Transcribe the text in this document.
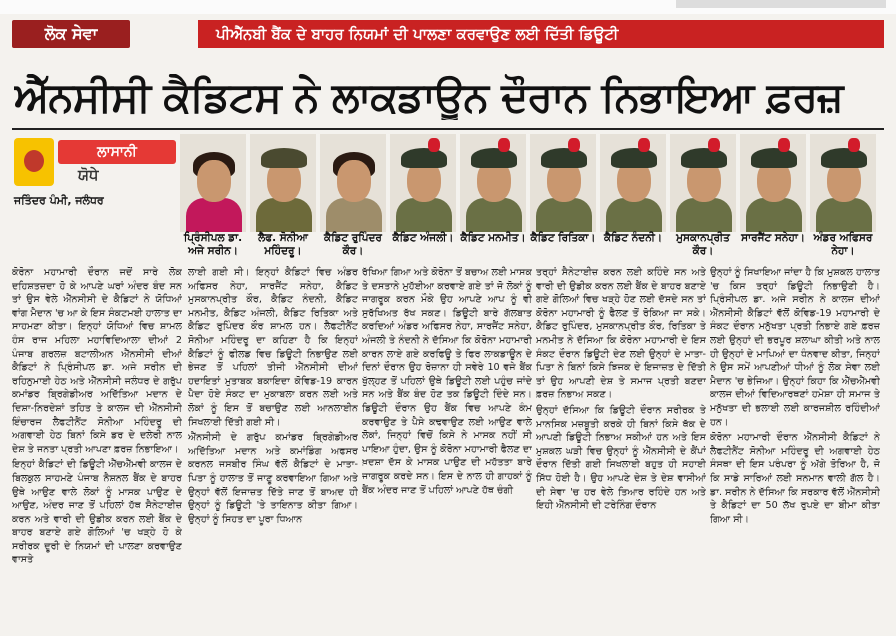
ਲੋਕ ਸੇਵਾ	ਪੀਐੱਨਬੀ ਬੈਂਕ ਦੇ ਬਾਹਰ ਨਿਯਮਾਂ ਦੀ ਪਾਲਣਾ ਕਰਵਾਉਣ ਲਈ ਦਿੱਤੀ ਡਿਊਟੀ
ਐੱਨਸੀਸੀ ਕੈਡਿਟਸ ਨੇ ਲਾਕਡਾਊਨ ਦੌਰਾਨ ਨਿਭਾਇਆ ਫ਼ਰਜ਼
ਲਾਸਾਨੀ
ਯੋਧੇ
ਜਤਿੰਦਰ ਪੰਮੀ, ਜਲੰਧਰ
ਪ੍ਰਿੰਸੀਪਲ ਡਾ. ਅਜੇ ਸਰੀਨ।
ਲੈਫ. ਸੋਨੀਆ ਮਹਿੰਦਰੂ।
ਕੈਡਿਟ ਰੁਪਿੰਦਰ ਕੌਰ।
ਕੈਡਿਟ ਅੰਜਲੀ। ਕੈਡਿਟ ਮਨਮੀਤ। ਕੈਡਿਟ ਰਿਤਿਕਾ। ਕੈਡਿਟ ਨੰਦਨੀ।	ਮੁਸਕਾਨਪ੍ਰੀਤ ਕੌਰ।
ਸਾਰਜੈਂਟ ਸਨੇਹਾ। ਅੰਡਰ ਅਫਿਸਰ ਨੇਹਾ।

ਕੋਰੋਨਾ ਮਹਾਮਾਰੀ ਦੌਰਾਨ ਜਦੋਂ ਸਾਰੇ ਲੋਕ ਦਹਿਸ਼ਤਜ਼ਦਾ ਹੋ ਕੇ ਆਪਣੇ ਘਰਾਂ ਅੰਦਰ ਬੰਦ ਸਨ ਤਾਂ ਉਸ ਵੇਲੇ ਐੱਨਸੀਸੀ ਦੇ ਕੈਡਿਟਾਂ ਨੇ ਯੋਧਿਆਂ ਵਾਂਗ ਮੈਦਾਨ 'ਚ ਆ ਕੇ ਇਸ ਸੰਕਟਮਈ ਹਾਲਾਤ ਦਾ ਸਾਹਮਣਾ ਕੀਤਾ। ਇਨ੍ਹਾਂ ਯੋਧਿਆਂ ਵਿਚ ਸ਼ਾਮਲ ਹੰਸ ਰਾਜ ਮਹਿਲਾ ਮਹਾਵਿਦਿਆਲਾ ਦੀਆਂ 2 ਪੰਜਾਬ ਗਰਲਜ਼ ਬਟਾਲੀਅਨ ਐੱਨਸੀਸੀ ਦੀਆਂ ਕੈਡਿਟਾਂ ਨੇ ਪ੍ਰਿੰਸੀਪਲ ਡਾ. ਅਜੇ ਸਰੀਨ ਦੀ ਰਹਿਨੁਮਾਈ ਹੇਠ ਅਤੇ ਐੱਨਸੀਸੀ ਜਲੰਧਰ ਦੇ ਗਰੁੱਪ ਕਮਾਂਡਰ ਬ੍ਰਿਗੇਡੀਅਰ ਅਦਿੱਤਿਆ ਮਦਾਨ ਦੇ ਦਿਸ਼ਾ-ਨਿਰਦੇਸ਼ਾਂ ਤਹਿਤ ਤੇ ਕਾਲਜ ਦੀ ਐੱਨਸੀਸੀ ਇੰਚਾਰਜ ਲੈਫਟੀਨੈਂਟ ਸੋਨੀਆ ਮਹਿੰਦਰੂ ਦੀ ਅਗਵਾਈ ਹੇਠ ਬਿਨਾਂ ਕਿਸੇ ਡਰ ਦੇ ਦਲੇਰੀ ਨਾਲ ਦੇਸ਼ ਤੇ ਜਨਤਾ ਪ੍ਰਤੀ ਆਪਣਾ ਫ਼ਰਜ਼ ਨਿਭਾਇਆ।

ਇਨ੍ਹਾਂ ਕੈਡਿਟਾਂ ਦੀ ਡਿਊਟੀ ਐੱਚਐੱਮਵੀ ਕਾਲਜ ਦੇ ਬਿਲਕੁਲ ਸਾਹਮਣੇ ਪੰਜਾਬ ਨੈਸ਼ਨਲ ਬੈਂਕ ਦੇ ਬਾਹਰ ਉਥੇ ਆਉਣ ਵਾਲੇ ਲੋਕਾਂ ਨੂੰ ਮਾਸਕ ਪਾਉਣ ਦੇ ਆਉਣ, ਅੰਦਰ ਜਾਣ ਤੋਂ ਪਹਿਲਾਂ ਹੱਥ ਸੈਨੇਟਾਈਜ਼ ਕਰਨ ਅਤੇ ਵਾਰੀ ਦੀ ਉਡੀਕ ਕਰਨ ਲਈ ਬੈਂਕ ਦੇ ਬਾਹਰ ਬਣਾਏ ਗਏ ਗੋਲਿਆਂ 'ਚ ਖੜ੍ਹੇ ਹੋ ਕੇ ਸਰੀਰਕ ਦੂਰੀ ਦੇ ਨਿਯਮਾਂ ਦੀ ਪਾਲਣਾ ਕਰਵਾਉਣ ਵਾਸਤੇ

ਲਾਈ ਗਈ ਸੀ। ਇਨ੍ਹਾਂ ਕੈਡਿਟਾਂ ਵਿਚ ਅੰਡਰ ਅਫਿਸਰ ਨੇਹਾ, ਸਾਰਜੈਂਟ ਸਨੇਹਾ, ਕੈਡਿਟ ਮੁਸਕਾਨਪ੍ਰੀਤ ਕੌਰ, ਕੈਡਿਟ ਨੰਦਨੀ, ਕੈਡਿਟ ਮਨਮੀਤ, ਕੈਡਿਟ ਅੰਜਲੀ, ਕੈਡਿਟ ਰਿਤਿਕਾ ਅਤੇ ਕੈਡਿਟ ਰੁਪਿੰਦਰ ਕੌਰ ਸ਼ਾਮਲ ਹਨ। ਲੈਫਟੀਨੈਂਟ ਸੋਨੀਆ ਮਹਿੰਦਰੂ ਦਾ ਕਹਿਣਾ ਹੈ ਕਿ ਇਨ੍ਹਾਂ ਕੈਡਿਟਾਂ ਨੂੰ ਫੀਲਡ ਵਿਚ ਡਿਊਟੀ ਨਿਭਾਉਣ ਲਈ ਭੇਜਣ ਤੋਂ ਪਹਿਲਾਂ ਤੀਜੀ ਐੱਨਸੀਸੀ ਦੀਆਂ ਹਦਾਇਤਾਂ ਮੁਤਾਬਕ ਬਕਾਇਦਾ ਕੋਵਿਡ-19 ਕਾਰਨ ਪੈਦਾ ਹੋਏ ਸੰਕਟ ਦਾ ਮੁਕਾਬਲਾ ਕਰਨ ਲਈ ਅਤੇ ਲੋਕਾਂ ਨੂੰ ਇਸ ਤੋਂ ਬਚਾਉਣ ਲਈ ਆਨਲਾਈਨ ਸਿਖਲਾਈ ਦਿੱਤੀ ਗਈ ਸੀ।

ਐੱਨਸੀਸੀ ਦੇ ਗਰੁੱਪ ਕਮਾਂਡਰ ਬ੍ਰਿਗੇਡੀਅਰ ਅਦਿੱਤਿਆ ਮਦਾਨ ਅਤੇ ਕਮਾਂਡਿੰਗ ਅਫਸਰ ਕਰਨਲ ਜਸਬੀਰ ਸਿੰਘ ਵੱਲੋਂ ਕੈਡਿਟਾਂ ਦੇ ਮਾਤਾ-ਪਿਤਾ ਨੂੰ ਹਾਲਾਤ ਤੋਂ ਜਾਣੂ ਕਰਵਾਇਆ ਗਿਆ ਅਤੇ ਉਨ੍ਹਾਂ ਵੱਲੋਂ ਇਜਾਜ਼ਤ ਦਿੱਤੇ ਜਾਣ ਤੋਂ ਬਾਅਦ ਹੀ ਉਨ੍ਹਾਂ ਨੂੰ ਡਿਊਟੀ 'ਤੇ ਤਾਇਨਾਤ ਕੀਤਾ ਗਿਆ। ਉਨ੍ਹਾਂ ਨੂੰ ਸਿਹਤ ਦਾ ਪੂਰਾ ਧਿਆਨ

ਰੱਖਿਆ ਗਿਆ ਅਤੇ ਕੋਰੋਨਾ ਤੋਂ ਬਚਾਅ ਲਈ ਮਾਸਕ ਤੇ ਦਸਤਾਨੇ ਮੁਹੱਈਆ ਕਰਵਾਏ ਗਏ ਤਾਂ ਜੋ ਲੋਕਾਂ ਨੂੰ ਜਾਗਰੂਕ ਕਰਨ ਮੌਕੇ ਉਹ ਆਪਣੇ ਆਪ ਨੂੰ ਵੀ ਸੁਰੱਖਿਅਤ ਰੱਖ ਸਕਣ। ਡਿਊਟੀ ਬਾਰੇ ਗੱਲਬਾਤ ਕਰਦਿਆਂ ਅੰਡਰ ਅਫਿਸਰ ਨੇਹਾ, ਸਾਰਜੈਂਟ ਸਨੇਹਾ, ਅੰਜਲੀ ਤੇ ਨੰਦਨੀ ਨੇ ਦੱਸਿਆ ਕਿ ਕੋਰੋਨਾ ਮਹਾਮਾਰੀ ਕਾਰਨ ਲਾਏ ਗਏ ਕਰਫਿਊ ਤੇ ਫਿਰ ਲਾਕਡਾਊਨ ਦੇ ਦਿਨਾਂ ਦੌਰਾਨ ਉਹ ਰੋਜ਼ਾਨਾ ਹੀ ਸਵੇਰੇ 10 ਵਜੇ ਬੈਂਕ ਖੁੱਲ੍ਹਣ ਤੋਂ ਪਹਿਲਾਂ ਉਥੇ ਡਿਊਟੀ ਲਈ ਪਹੁੰਚ ਜਾਂਦੇ ਸਨ ਅਤੇ ਬੈਂਕ ਬੰਦ ਹੋਣ ਤਕ ਡਿਊਟੀ ਦਿੰਦੇ ਸਨ। ਡਿਊਟੀ ਦੌਰਾਨ ਉਹ ਬੈਂਕ ਵਿਚ ਆਪਣੇ ਕੰਮ ਕਰਵਾਉਣ ਤੇ ਪੈਸੇ ਕਢਵਾਉਣ ਲਈ ਆਉਣ ਵਾਲੇ ਲੋਕਾਂ, ਜਿਨ੍ਹਾਂ ਵਿਚੋਂ ਕਿਸੇ ਨੇ ਮਾਸਕ ਨਹੀਂ ਸੀ ਪਾਇਆ ਹੁੰਦਾ, ਉਸ ਨੂੰ ਕੋਰੋਨਾ ਮਹਾਮਾਰੀ ਫੈਲਣ ਦਾ ਖ਼ਦਸ਼ਾ ਦੱਸ ਕੇ ਮਾਸਕ ਪਾਉਣ ਦੀ ਮਹੱਤਤਾ ਬਾਰੇ ਜਾਗਰੂਕ ਕਰਦੇ ਸਨ। ਇਸ ਦੇ ਨਾਲ ਹੀ ਗਾਹਕਾਂ ਨੂੰ ਬੈਂਕ ਅੰਦਰ ਜਾਣ ਤੋਂ ਪਹਿਲਾਂ ਆਪਣੇ ਹੱਥ ਚੰਗੀ

ਤਰ੍ਹਾਂ ਸੈਨੇਟਾਈਜ਼ ਕਰਨ ਲਈ ਕਹਿੰਦੇ ਸਨ ਅਤੇ ਵਾਰੀ ਦੀ ਉਡੀਕ ਕਰਨ ਲਈ ਬੈਂਕ ਦੇ ਬਾਹਰ ਬਣਾਏ ਗਏ ਗੋਲਿਆਂ ਵਿਚ ਖੜ੍ਹੇ ਹੋਣ ਲਈ ਦੱਸਦੇ ਸਨ ਤਾਂ ਕੋਰੋਨਾ ਮਹਾਮਾਰੀ ਨੂੰ ਫੈਲਣ ਤੋਂ ਰੋਕਿਆ ਜਾ ਸਕੇ। ਕੈਡਿਟ ਰੁਪਿੰਦਰ, ਮੁਸਕਾਨਪ੍ਰੀਤ ਕੌਰ, ਰਿਤਿਕਾ ਤੇ ਮਨਮੀਤ ਨੇ ਦੱਸਿਆ ਕਿ ਕੋਰੋਨਾ ਮਹਾਮਾਰੀ ਦੇ ਇਸ ਸੰਕਟ ਦੌਰਾਨ ਡਿਊਟੀ ਦੇਣ ਲਈ ਉਨ੍ਹਾਂ ਦੇ ਮਾਤਾ-ਪਿਤਾ ਨੇ ਬਿਨਾਂ ਕਿਸੇ ਝਿਜਕ ਦੇ ਇਜਾਜ਼ਤ ਦੇ ਦਿੱਤੀ ਤਾਂ ਉਹ ਆਪਣੀ ਦੇਸ਼ ਤੇ ਸਮਾਜ ਪ੍ਰਤੀ ਬਣਦਾ ਫ਼ਰਜ਼ ਨਿਭਾਅ ਸਕਣ।

ਉਨ੍ਹਾਂ ਦੱਸਿਆ ਕਿ ਡਿਊਟੀ ਦੌਰਾਨ ਸਰੀਰਕ ਤੇ ਮਾਨਸਿਕ ਮਜ਼ਬੂਤੀ ਕਰਕੇ ਹੀ ਬਿਨਾਂ ਕਿਸੇ ਥੱਕ ਦੇ ਆਪਣੀ ਡਿਊਟੀ ਨਿਭਾਅ ਸਕੀਆਂ ਹਨ ਅਤੇ ਇਸ ਮੁਸ਼ਕਲ ਘੜੀ ਵਿਚ ਉਨ੍ਹਾਂ ਨੂੰ ਐੱਨਸੀਸੀ ਦੇ ਕੈਂਪਾਂ ਦੌਰਾਨ ਦਿੱਤੀ ਗਈ ਸਿਖਲਾਈ ਬਹੁਤ ਹੀ ਸਹਾਈ ਸਿੱਧ ਹੋਈ ਹੈ। ਉਹ ਆਪਣੇ ਦੇਸ਼ ਤੇ ਦੇਸ਼ ਵਾਸੀਆਂ ਦੀ ਸੇਵਾ 'ਚ ਹਰ ਵੇਲੇ ਤਿਆਰ ਰਹਿੰਦੇ ਹਨ ਅਤੇ ਇਹੀ ਐੱਨਸੀਸੀ ਦੀ ਟਰੇਨਿੰਗ ਦੌਰਾਨ

ਉਨ੍ਹਾਂ ਨੂੰ ਸਿਖਾਇਆ ਜਾਂਦਾ ਹੈ ਕਿ ਮੁਸ਼ਕਲ ਹਾਲਾਤ 'ਚ ਕਿਸ ਤਰ੍ਹਾਂ ਡਿਊਟੀ ਨਿਭਾਉਣੀ ਹੈ। ਪ੍ਰਿੰਸੀਪਲ ਡਾ. ਅਜੇ ਸਰੀਨ ਨੇ ਕਾਲਜ ਦੀਆਂ ਐੱਨਸੀਸੀ ਕੈਡਿਟਾਂ ਵੱਲੋਂ ਕੋਵਿਡ-19 ਮਹਾਮਾਰੀ ਦੇ ਸੰਕਟ ਦੌਰਾਨ ਮਨੁੱਖਤਾ ਪ੍ਰਤੀ ਨਿਭਾਏ ਗਏ ਫ਼ਰਜ਼ ਲਈ ਉਨ੍ਹਾਂ ਦੀ ਭਰਪੂਰ ਸ਼ਲਾਘਾ ਕੀਤੀ ਅਤੇ ਨਾਲ ਹੀ ਉਨ੍ਹਾਂ ਦੇ ਮਾਪਿਆਂ ਦਾ ਧੰਨਵਾਦ ਕੀਤਾ, ਜਿਨ੍ਹਾਂ ਨੇ ਉਸ ਸਮੇਂ ਆਪਣੀਆਂ ਧੀਆਂ ਨੂੰ ਲੋਕ ਸੇਵਾ ਲਈ ਮੈਦਾਨ 'ਚ ਭੇਜਿਆ। ਉਨ੍ਹਾਂ ਕਿਹਾ ਕਿ ਐੱਚਐੱਮਵੀ ਕਾਲਜ ਦੀਆਂ ਵਿਦਿਆਰਥਣਾਂ ਹਮੇਸ਼ਾ ਹੀ ਸਮਾਜ ਤੇ ਮਨੁੱਖਤਾ ਦੀ ਭਲਾਈ ਲਈ ਕਾਰਜਸ਼ੀਲ ਰਹਿੰਦੀਆਂ ਹਨ।

ਕੋਰੋਨਾ ਮਹਾਮਾਰੀ ਦੌਰਾਨ ਐੱਨਸੀਸੀ ਕੈਡਿਟਾਂ ਨੇ ਲੈਫਟੀਨੈਂਟ ਸੋਨੀਆ ਮਹਿੰਦਰੂ ਦੀ ਅਗਵਾਈ ਹੇਠ ਸੰਸਥਾ ਦੀ ਇਸ ਪਰੰਪਰਾ ਨੂੰ ਅੱਗੇ ਤੋਰਿਆ ਹੈ, ਜੋ ਕਿ ਸਾਡੇ ਸਾਰਿਆਂ ਲਈ ਸਨਮਾਨ ਵਾਲੀ ਗੱਲ ਹੈ। ਡਾ. ਸਰੀਨ ਨੇ ਦੱਸਿਆ ਕਿ ਸਰਕਾਰ ਵੱਲੋਂ ਐੱਨਸੀਸੀ ਤੇ ਕੈਡਿਟਾਂ ਦਾ 50 ਲੱਖ ਰੁਪਏ ਦਾ ਬੀਮਾ ਕੀਤਾ ਗਿਆ ਸੀ।
